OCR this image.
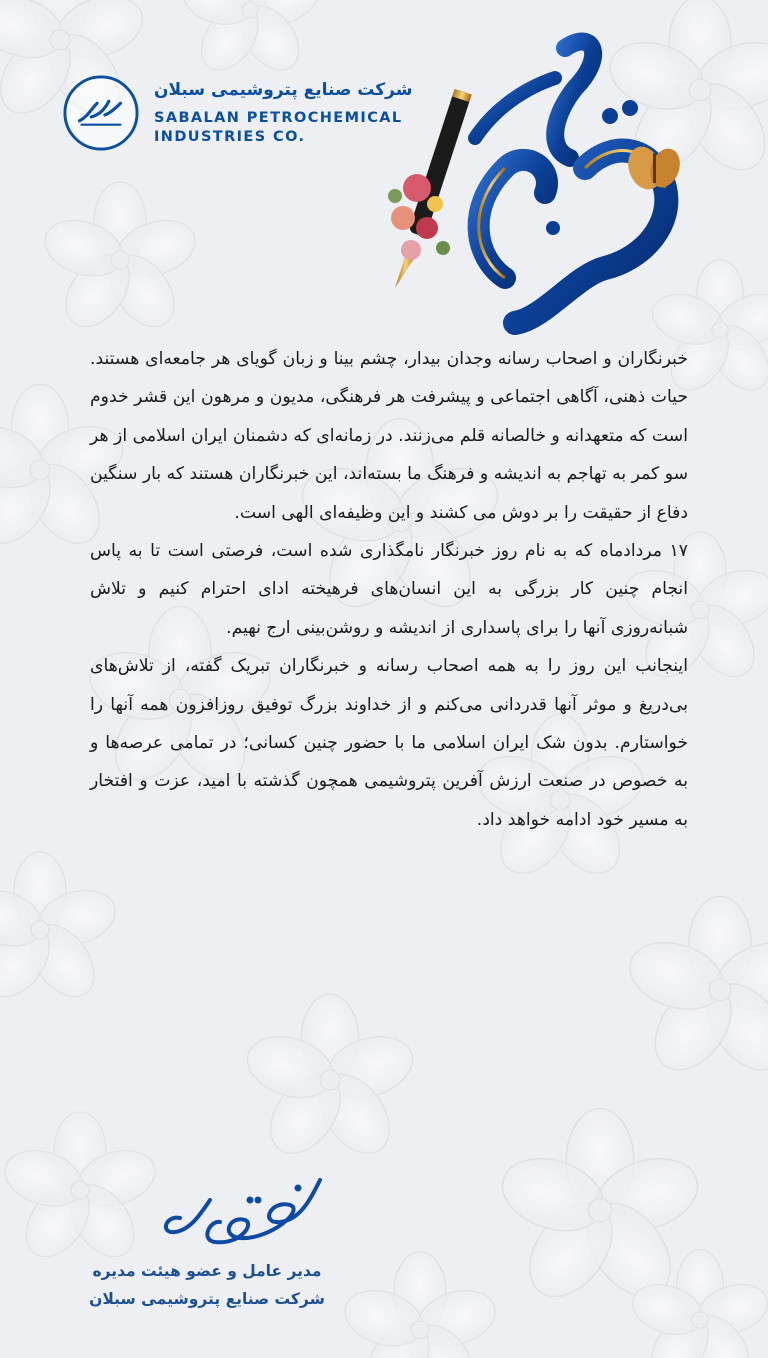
شرکت صنایع پتروشیمی سبلان
SABALAN PETROCHEMICAL
INDUSTRIES CO.

خبرنگاران و اصحاب رسانه وجدان بیدار، چشم بینا و زبان گویای هر جامعه‌ای هستند. حیات ذهنی، آگاهی اجتماعی و پیشرفت هر فرهنگی، مدیون و مرهون این قشر خدوم است که متعهدانه و خالصانه قلم می‌زنند. در زمانه‌ای که دشمنان ایران اسلامی از هر سو کمر به تهاجم به اندیشه و فرهنگ ما بسته‌اند، این خبرنگاران هستند که بار سنگین دفاع از حقیقت را بر دوش می کشند و این وظیفه‌ای الهی است.

۱۷ مردادماه که به نام روز خبرنگار نامگذاری شده است، فرصتی است تا به پاس انجام چنین کار بزرگی به این انسان‌های فرهیخته ادای احترام کنیم و تلاش شبانه‌روزی آنها را برای پاسداری از اندیشه و روشن‌بینی ارج نهیم.

اینجانب این روز را به همه اصحاب رسانه و خبرنگاران تبریک گفته، از تلاش‌های بی‌دریغ و موثر آنها قدردانی می‌کنم و از خداوند بزرگ توفیق روزافزون همه آنها را خواستارم. بدون شک ایران اسلامی ما با حضور چنین کسانی؛ در تمامی عرصه‌ها و به خصوص در صنعت ارزش آفرین پتروشیمی همچون گذشته با امید، عزت و افتخار به مسیر خود ادامه خواهد داد.

مدیر عامل و عضو هیئت مدیره
شرکت صنایع پتروشیمی سبلان
